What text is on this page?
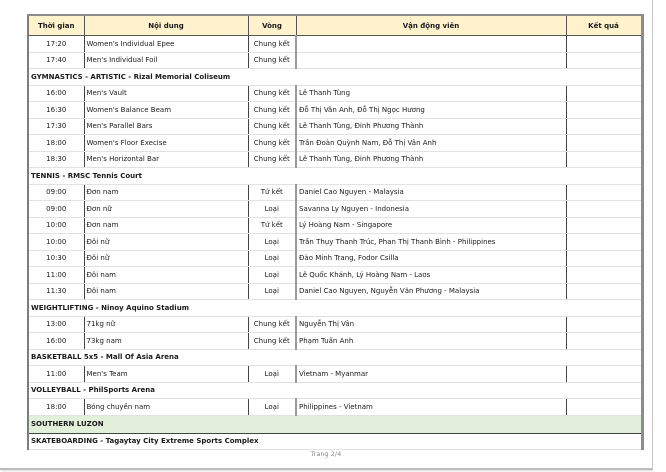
Thời gian	Nội dung	Vòng	Vận động viên	Kết quả
17:20	Women's Individual Epee	Chung kết		
17:40	Men's Individual Foil	Chung kết		
GYMNASTICS - ARTISTIC - Rizal Memorial Coliseum				
16:00	Men's Vault	Chung kết	Lê Thanh Tùng	
16:30	Women's Balance Beam	Chung kết	Đỗ Thị Vân Anh, Đỗ Thị Ngọc Hương	
17:30	Men's Parallel Bars	Chung kết	Lê Thanh Tùng, Đinh Phương Thành	
18:00	Women's Floor Execise	Chung kết	Trần Đoàn Quỳnh Nam, Đỗ Thị Vân Anh	
18:30	Men's Horizontal Bar	Chung kết	Lê Thanh Tùng, Đinh Phương Thành	
TENNIS - RMSC Tennis Court				
09:00	Đơn nam	Tứ kết	Daniel Cao Nguyen - Malaysia	
09:00	Đơn nữ	Loại	Savanna Ly Nguyen - Indonesia	
10:00	Đơn nam	Tứ kết	Lý Hoàng Nam - Singapore	
10:00	Đôi nữ	Loại	Trần Thụy Thanh Trúc, Phan Thị Thanh Bình - Philippines	
10:30	Đôi nữ	Loại	Đào Minh Trang, Fodor Csilla	
11:00	Đôi nam	Loại	Lê Quốc Khánh, Lý Hoàng Nam - Laos	
11:30	Đôi nam	Loại	Daniel Cao Nguyen, Nguyễn Văn Phương - Malaysia	
WEIGHTLIFTING - Ninoy Aquino Stadium				
13:00	71kg nữ	Chung kết	Nguyễn Thị Vân	
16:00	73kg nam	Chung kết	Phạm Tuấn Anh	
BASKETBALL 5x5 - Mall Of Asia Arena				
11:00	Men's Team	Loại	Vietnam - Myanmar	
VOLLEYBALL - PhilSports Arena				
18:00	Bóng chuyền nam	Loại	Philippines - Vietnam	
SOUTHERN LUZON				
SKATEBOARDING - Tagaytay City Extreme Sports Complex				
Trang 2/4
